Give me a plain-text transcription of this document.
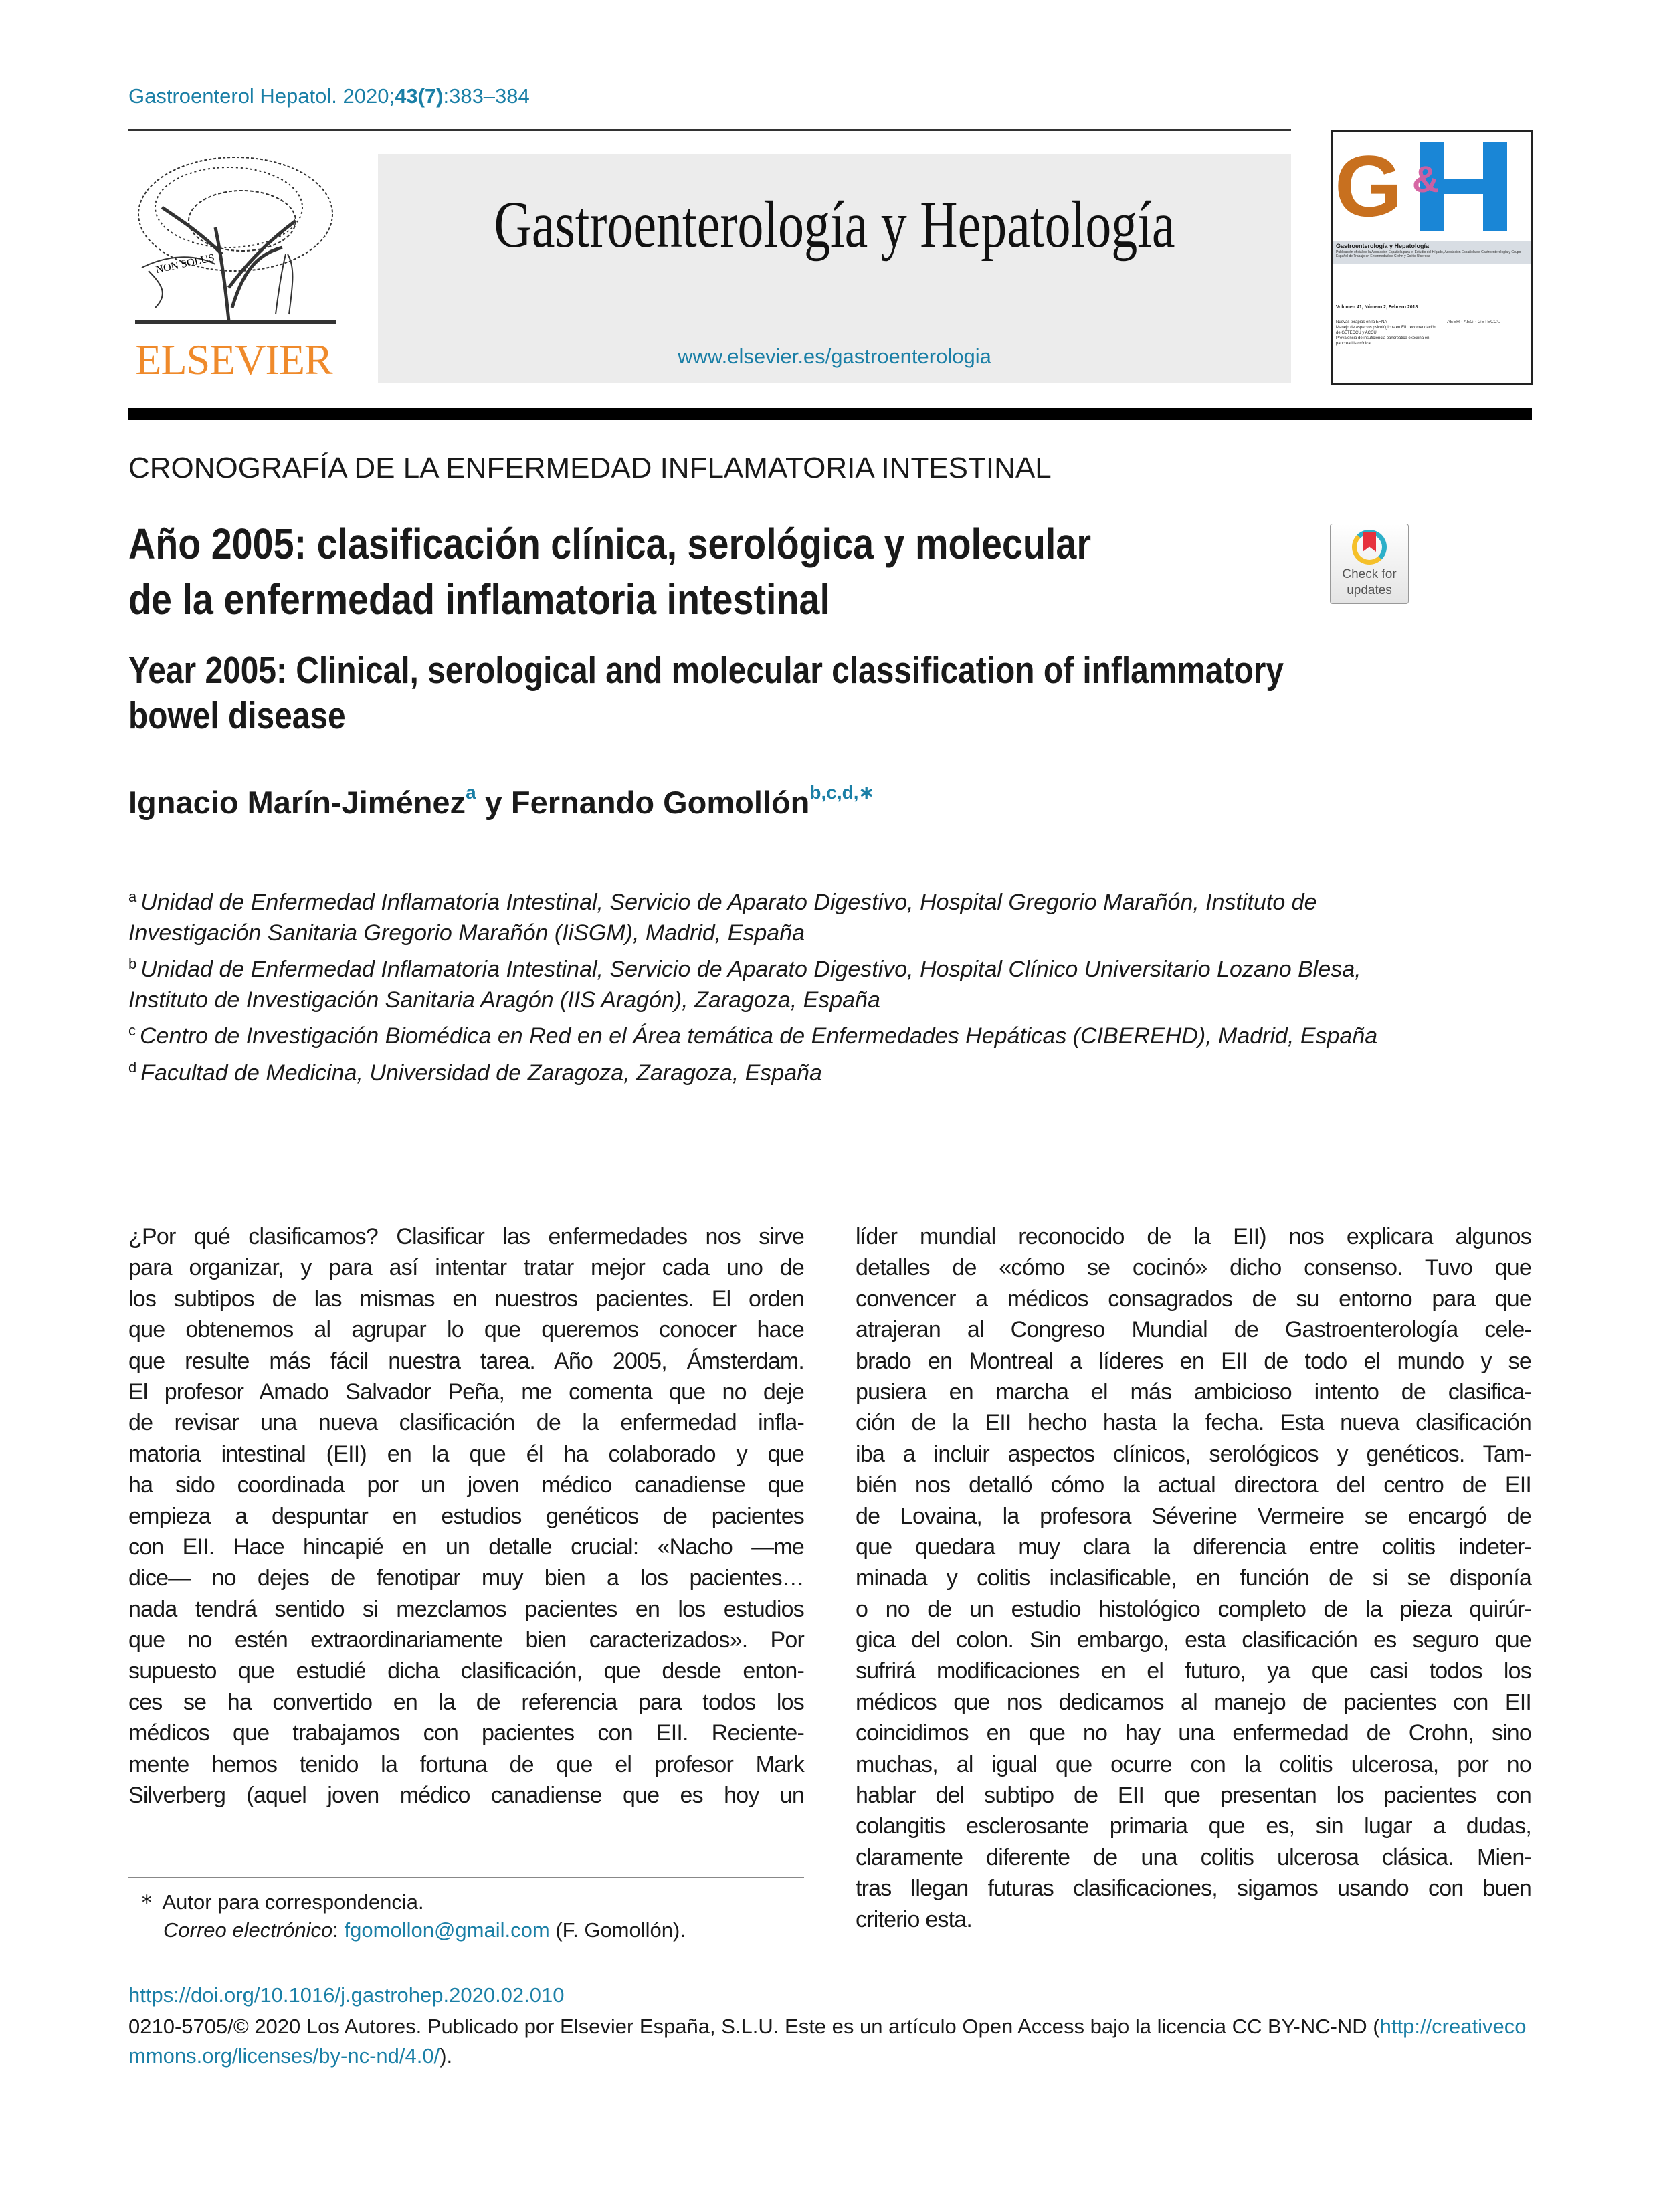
Gastroenterol Hepatol. 2020;43(7):383–384
NON SOLUS
ELSEVIER
Gastroenterología y Hepatología
www.elsevier.es/gastroenterologia
G &
Gastroenterología y Hepatología
Publicación oficial de la Asociación Española para el Estudio del Hígado, Asociación Española de Gastroenterología y Grupo Español de Trabajo en Enfermedad de Crohn y Colitis Ulcerosa
Volumen 41, Número 2, Febrero 2018
Nuevas terapias en la EHNA
Manejo de aspectos psicológicos en EII: recomendación de GETECCU y ACCU
Prevalencia de insuficiencia pancreática exocrina en pancreatitis crónica
AEEH · AEG · GETECCU
CRONOGRAFÍA DE LA ENFERMEDAD INFLAMATORIA INTESTINAL
Año 2005: clasificación clínica, serológica y molecular
de la enfermedad inflamatoria intestinal
Check for
updates
Year 2005: Clinical, serological and molecular classification of inflammatory
bowel disease
Ignacio Marín-Jiménez$^a$ y Fernando Gomollón$^{b,c,d,∗}$
$^a$ Unidad de Enfermedad Inflamatoria Intestinal, Servicio de Aparato Digestivo, Hospital Gregorio Marañón, Instituto de
Investigación Sanitaria Gregorio Marañón (IiSGM), Madrid, España
$^b$ Unidad de Enfermedad Inflamatoria Intestinal, Servicio de Aparato Digestivo, Hospital Clínico Universitario Lozano Blesa,
Instituto de Investigación Sanitaria Aragón (IIS Aragón), Zaragoza, España
$^c$ Centro de Investigación Biomédica en Red en el Área temática de Enfermedades Hepáticas (CIBEREHD), Madrid, España
$^d$ Facultad de Medicina, Universidad de Zaragoza, Zaragoza, España
¿Por qué clasificamos? Clasificar las enfermedades nos sirve
para organizar, y para así intentar tratar mejor cada uno de
los subtipos de las mismas en nuestros pacientes. El orden
que obtenemos al agrupar lo que queremos conocer hace
que resulte más fácil nuestra tarea. Año 2005, Ámsterdam.
El profesor Amado Salvador Peña, me comenta que no deje
de revisar una nueva clasificación de la enfermedad infla-
matoria intestinal (EII) en la que él ha colaborado y que
ha sido coordinada por un joven médico canadiense que
empieza a despuntar en estudios genéticos de pacientes
con EII. Hace hincapié en un detalle crucial: «Nacho —me
dice— no dejes de fenotipar muy bien a los pacientes…
nada tendrá sentido si mezclamos pacientes en los estudios
que no estén extraordinariamente bien caracterizados». Por
supuesto que estudié dicha clasificación, que desde enton-
ces se ha convertido en la de referencia para todos los
médicos que trabajamos con pacientes con EII. Reciente-
mente hemos tenido la fortuna de que el profesor Mark
Silverberg (aquel joven médico canadiense que es hoy un
líder mundial reconocido de la EII) nos explicara algunos
detalles de «cómo se cocinó» dicho consenso. Tuvo que
convencer a médicos consagrados de su entorno para que
atrajeran al Congreso Mundial de Gastroenterología cele-
brado en Montreal a líderes en EII de todo el mundo y se
pusiera en marcha el más ambicioso intento de clasifica-
ción de la EII hecho hasta la fecha. Esta nueva clasificación
iba a incluir aspectos clínicos, serológicos y genéticos. Tam-
bién nos detalló cómo la actual directora del centro de EII
de Lovaina, la profesora Séverine Vermeire se encargó de
que quedara muy clara la diferencia entre colitis indeter-
minada y colitis inclasificable, en función de si se disponía
o no de un estudio histológico completo de la pieza quirúr-
gica del colon. Sin embargo, esta clasificación es seguro que
sufrirá modificaciones en el futuro, ya que casi todos los
médicos que nos dedicamos al manejo de pacientes con EII
coincidimos en que no hay una enfermedad de Crohn, sino
muchas, al igual que ocurre con la colitis ulcerosa, por no
hablar del subtipo de EII que presentan los pacientes con
colangitis esclerosante primaria que es, sin lugar a dudas,
claramente diferente de una colitis ulcerosa clásica. Mien-
tras llegan futuras clasificaciones, sigamos usando con buen
criterio esta.
∗ Autor para correspondencia.
Correo electrónico: fgomollon@gmail.com (F. Gomollón).
https://doi.org/10.1016/j.gastrohep.2020.02.010
0210-5705/© 2020 Los Autores. Publicado por Elsevier España, S.L.U. Este es un artículo Open Access bajo la licencia CC BY-NC-ND (http://creativecommons.org/licenses/by-nc-nd/4.0/).
